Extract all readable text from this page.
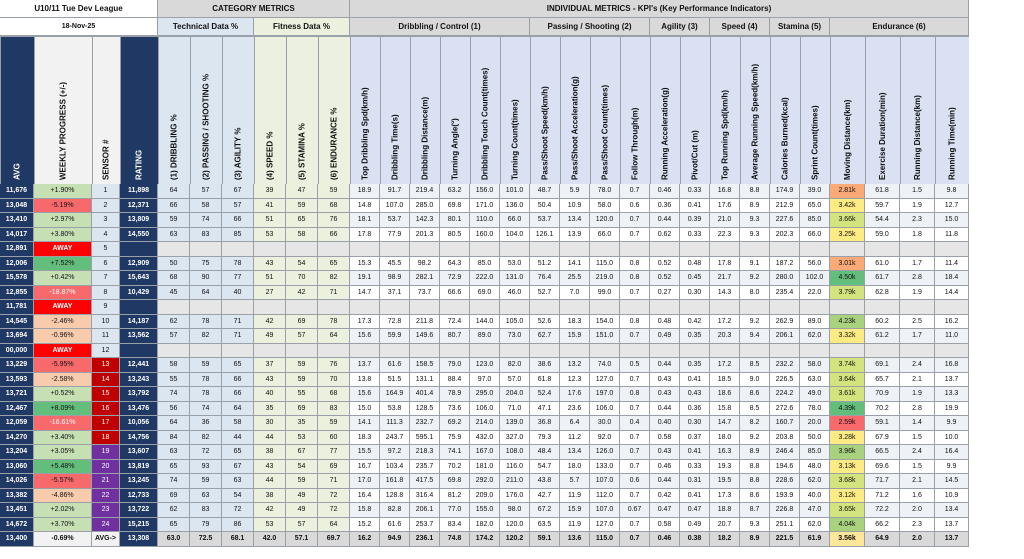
U10/11 Tue Dev League
18-Nov-25
CATEGORY METRICS	INDIVIDUAL METRICS - KPI's (Key Performance Indicators)
Technical Data %	Fitness Data %	Dribbling / Control (1)	Passing / Shooting (2)	Agility (3)	Speed (4)	Stamina (5)	Endurance (6)
AVG	WEEKLY PROGRESS (+/-)	SENSOR #	RATING	(1) DRIBBLING %	(2) PASSING / SHOOTING %	(3) AGILITY %	(4) SPEED %	(5) STAMINA %	(6) ENDURANCE %	Top Dribbling Spd(km/h)	Dribbling Time(s)	Dribbling Distance(m)	Turning Angle(°)	Dribbling Touch Count(times)	Turning Count(times)	Pass/Shoot Speed(km/h)	Pass/Shoot Acceleration(g)	Pass/Shoot Count(times)	Follow Through(m)	Running Acceleration(g)	Pivot/Cut (m)	Top Running Spd(km/h)	Average Running Speed(km/h)	Calories Burned(kcal)	Sprint Count(times)	Moving Distance(km)	Exercise Duration(min)	Running Distance(km)	Running Time(min)
11,676	+1.90%	1	11,898	64	57	67	39	47	59	18.9	91.7	219.4	63.2	156.0	101.0	48.7	5.9	78.0	0.7	0.46	0.33	16.8	8.8	174.9	39.0	2.81k	61.8	1.5	9.8
13,048	-5.19%	2	12,371	66	58	57	41	59	68	14.8	107.0	285.0	69.8	171.0	136.0	50.4	10.9	58.0	0.6	0.36	0.41	17.6	8.9	212.9	65.0	3.42k	59.7	1.9	12.7
13,410	+2.97%	3	13,809	59	74	66	51	65	76	18.1	53.7	142.3	80.1	110.0	66.0	53.7	13.4	120.0	0.7	0.44	0.39	21.0	9.3	227.6	85.0	3.66k	54.4	2.3	15.0
14,017	+3.80%	4	14,550	63	83	85	53	58	66	17.8	77.9	201.3	80.5	160.0	104.0	126.1	13.9	66.0	0.7	0.62	0.33	22.3	9.3	202.3	66.0	3.25k	59.0	1.8	11.8
12,891	AWAY	5
12,006	+7.52%	6	12,909	50	75	78	43	54	65	15.3	45.5	98.2	64.3	85.0	53.0	51.2	14.1	115.0	0.8	0.52	0.48	17.8	9.1	187.2	56.0	3.01k	61.0	1.7	11.4
15,578	+0.42%	7	15,643	68	90	77	51	70	82	19.1	98.9	282.1	72.9	222.0	131.0	76.4	25.5	219.0	0.8	0.52	0.45	21.7	9.2	280.0	102.0	4.50k	61.7	2.8	18.4
12,855	-18.87%	8	10,429	45	64	40	27	42	71	14.7	37.1	73.7	66.6	69.0	46.0	52.7	7.0	99.0	0.7	0.27	0.30	14.3	8.0	235.4	22.0	3.79k	62.8	1.9	14.4
11,781	AWAY	9
14,545	-2.46%	10	14,187	62	78	71	42	69	78	17.3	72.8	211.8	72.4	144.0	105.0	52.6	18.3	154.0	0.8	0.48	0.42	17.2	9.2	262.9	89.0	4.23k	60.2	2.5	16.2
13,694	-0.96%	11	13,562	57	82	71	49	57	64	15.6	59.9	149.6	80.7	89.0	73.0	62.7	15.9	151.0	0.7	0.49	0.35	20.3	9.4	206.1	62.0	3.32k	61.2	1.7	11.0
00,000	AWAY	12
13,229	-5.95%	13	12,441	58	59	65	37	59	76	13.7	61.6	158.5	79.0	123.0	82.0	38.6	13.2	74.0	0.5	0.44	0.35	17.2	8.5	232.2	58.0	3.74k	69.1	2.4	16.8
13,593	-2.58%	14	13,243	55	78	66	43	59	70	13.8	51.5	131.1	88.4	97.0	57.0	61.8	12.3	127.0	0.7	0.43	0.41	18.5	9.0	226.5	63.0	3.64k	65.7	2.1	13.7
13,721	+0.52%	15	13,792	74	78	66	40	55	68	15.6	164.9	401.4	78.9	295.0	204.0	52.4	17.6	197.0	0.8	0.43	0.43	18.6	8.6	224.2	49.0	3.61k	70.9	1.9	13.3
12,467	+8.09%	16	13,476	56	74	64	35	69	83	15.0	53.8	128.5	73.6	106.0	71.0	47.1	23.6	106.0	0.7	0.44	0.36	15.8	8.5	272.6	78.0	4.39k	70.2	2.8	19.9
12,059	-16.61%	17	10,056	64	36	58	30	35	59	14.1	111.3	232.7	69.2	214.0	139.0	36.8	6.4	30.0	0.4	0.40	0.30	14.7	8.2	160.7	20.0	2.59k	59.1	1.4	9.9
14,270	+3.40%	18	14,756	84	82	44	44	53	60	18.3	243.7	595.1	75.9	432.0	327.0	79.3	11.2	92.0	0.7	0.58	0.37	18.0	9.2	203.8	50.0	3.28k	67.9	1.5	10.0
13,204	+3.05%	19	13,607	63	72	65	38	67	77	15.5	97.2	218.3	74.1	167.0	108.0	48.4	13.4	126.0	0.7	0.43	0.41	16.3	8.9	246.4	85.0	3.96k	66.5	2.4	16.4
13,060	+5.48%	20	13,819	65	93	67	43	54	69	16.7	103.4	235.7	70.2	181.0	116.0	54.7	18.0	133.0	0.7	0.46	0.33	19.3	8.8	194.6	48.0	3.13k	69.6	1.5	9.9
14,026	-5.57%	21	13,245	74	59	63	44	59	71	17.0	161.8	417.5	69.8	292.0	211.0	43.8	5.7	107.0	0.6	0.44	0.31	19.5	8.8	228.6	62.0	3.68k	71.7	2.1	14.5
13,382	-4.86%	22	12,733	69	63	54	38	49	72	16.4	128.8	316.4	81.2	209.0	176.0	42.7	11.9	112.0	0.7	0.42	0.41	17.3	8.6	193.9	40.0	3.12k	71.2	1.6	10.9
13,451	+2.02%	23	13,722	62	83	72	42	49	72	15.8	82.8	206.1	77.0	155.0	98.0	67.2	15.9	107.0	0.67	0.47	0.47	18.8	8.7	226.8	47.0	3.65k	72.2	2.0	13.4
14,672	+3.70%	24	15,215	65	79	86	53	57	64	15.2	61.6	253.7	83.4	182.0	120.0	63.5	11.9	127.0	0.7	0.58	0.49	20.7	9.3	251.1	62.0	4.04k	66.2	2.3	13.7
13,400	-0.69%	AVG->	13,308	63.0	72.5	68.1	42.0	57.1	69.7	16.2	94.9	236.1	74.8	174.2	120.2	59.1	13.6	115.0	0.7	0.46	0.38	18.2	8.9	221.5	61.9	3.56k	64.9	2.0	13.7
